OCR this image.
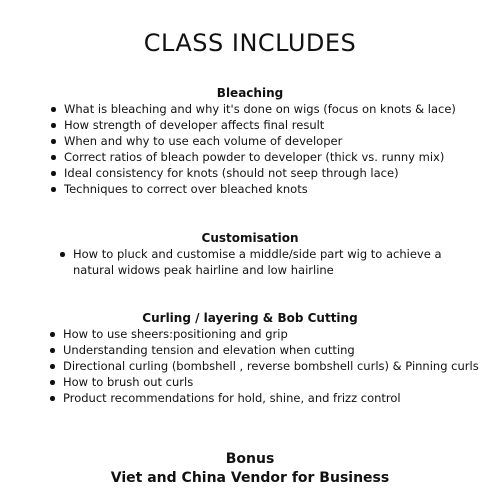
CLASS INCLUDES
Bleaching
What is bleaching and why it's done on wigs (focus on knots & lace)
How strength of developer affects final result
When and why to use each volume of developer
Correct ratios of bleach powder to developer (thick vs. runny mix)
Ideal consistency for knots (should not seep through lace)
Techniques to correct over bleached knots
Customisation
How to pluck and customise a middle/side part wig to achieve a natural widows peak hairline and low hairline
Curling / layering & Bob Cutting
How to use sheers:positioning and grip
Understanding tension and elevation when cutting
Directional curling (bombshell , reverse bombshell curls) & Pinning curls
How to brush out curls
Product recommendations for hold, shine, and frizz control
Bonus
Viet and China Vendor for Business
